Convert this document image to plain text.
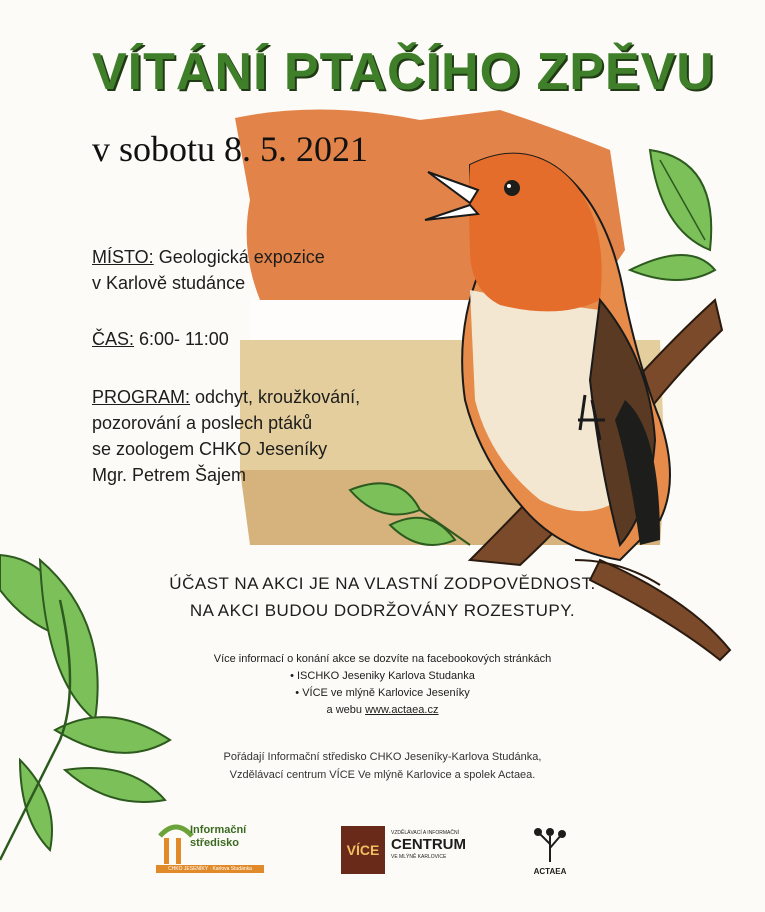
VÍTÁNÍ PTAČÍHO ZPĚVU
v sobotu 8. 5. 2021
MÍSTO: Geologická expozice
v Karlově studánce
ČAS: 6:00- 11:00
PROGRAM: odchyt, kroužkování,
pozorování a poslech ptáků
se zoologem CHKO Jeseníky
Mgr. Petrem Šajem
ÚČAST NA AKCI JE NA VLASTNÍ ZODPOVĚDNOST.
NA AKCI BUDOU DODRŽOVÁNY ROZESTUPY.
Více informací o konání akce se dozvíte na facebookových stránkách
• ISCHKO Jeseniky Karlova Studanka
• VÍCE ve mlýně Karlovice Jeseníky
a webu www.actaea.cz
Pořádají Informační středisko CHKO Jeseníky-Karlova Studánka,
Vzdělávací centrum VÍCE Ve mlýně Karlovice a spolek Actaea.
Informační
středisko
CHKO JESENÍKY · Karlova Studánka
VÍCE
VZDĚLÁVACÍ A INFORMAČNÍ
CENTRUM
VE MLÝNĚ KARLOVICE
ACTAEA
